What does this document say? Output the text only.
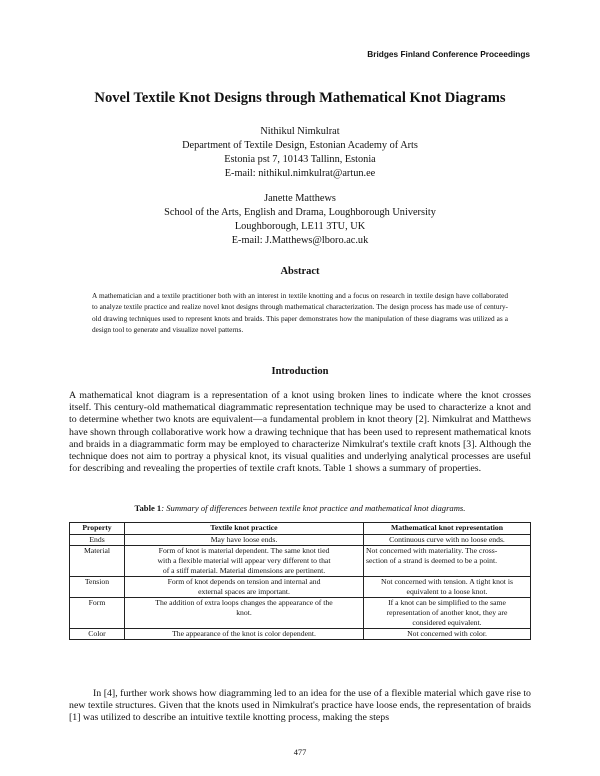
Bridges Finland Conference Proceedings
Novel Textile Knot Designs through Mathematical Knot Diagrams
Nithikul Nimkulrat
Department of Textile Design, Estonian Academy of Arts
Estonia pst 7, 10143 Tallinn, Estonia
E-mail: nithikul.nimkulrat@artun.ee
Janette Matthews
School of the Arts, English and Drama, Loughborough University
Loughborough, LE11 3TU, UK
E-mail: J.Matthews@lboro.ac.uk
Abstract
A mathematician and a textile practitioner both with an interest in textile knotting and a focus on research in textile design have collaborated to analyze textile practice and realize novel knot designs through mathematical characterization. The design process has made use of century-old drawing techniques used to represent knots and braids. This paper demonstrates how the manipulation of these diagrams was utilized as a design tool to generate and visualize novel patterns.
Introduction
A mathematical knot diagram is a representation of a knot using broken lines to indicate where the knot crosses itself. This century-old mathematical diagrammatic representation technique may be used to characterize a knot and to determine whether two knots are equivalent—a fundamental problem in knot theory [2]. Nimkulrat and Matthews have shown through collaborative work how a drawing technique that has been used to represent mathematical knots and braids in a diagrammatic form may be employed to characterize Nimkulrat's textile craft knots [3]. Although the technique does not aim to portray a physical knot, its visual qualities and underlying analytical processes are useful for describing and revealing the properties of textile craft knots. Table 1 shows a summary of properties.
Table 1: Summary of differences between textile knot practice and mathematical knot diagrams.
Property	Textile knot practice	Mathematical knot representation
Ends	May have loose ends.	Continuous curve with no loose ends.

Material	Form of knot is material dependent. The same knot tied
with a flexible material will appear very different to that
of a stiff material. Material dimensions are pertinent.	Not concerned with materiality. The cross-
section of a strand is deemed to be a point.

Tension	Form of knot depends on tension and internal and
external spaces are important.	Not concerned with tension. A tight knot is
equivalent to a loose knot.

Form	The addition of extra loops changes the appearance of the
knot.	If a knot can be simplified to the same
representation of another knot, they are
considered equivalent.

Color	The appearance of the knot is color dependent.	Not concerned with color.
In [4], further work shows how diagramming led to an idea for the use of a flexible material which gave rise to new textile structures. Given that the knots used in Nimkulrat's practice have loose ends, the representation of braids [1] was utilized to describe an intuitive textile knotting process, making the steps
477
